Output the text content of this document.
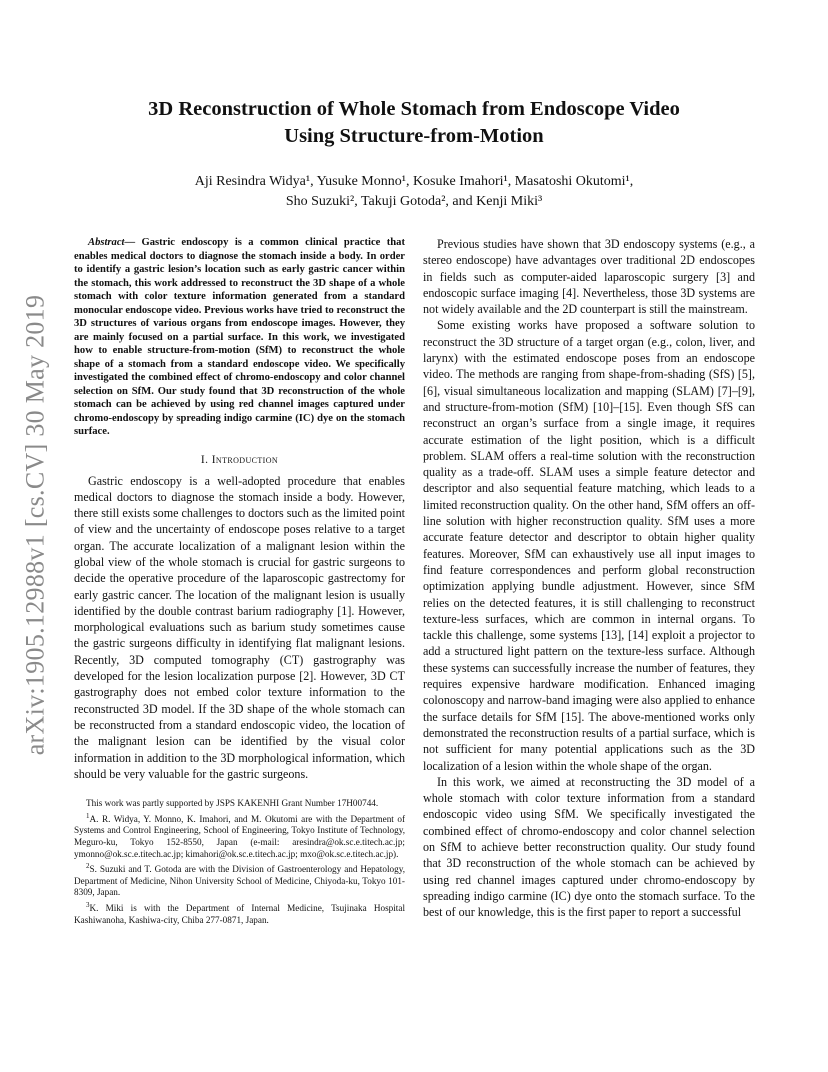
arXiv:1905.12988v1 [cs.CV] 30 May 2019
3D Reconstruction of Whole Stomach from Endoscope Video
Using Structure-from-Motion
Aji Resindra Widya¹, Yusuke Monno¹, Kosuke Imahori¹, Masatoshi Okutomi¹,
Sho Suzuki², Takuji Gotoda², and Kenji Miki³

Abstract— Gastric endoscopy is a common clinical practice that enables medical doctors to diagnose the stomach inside a body. In order to identify a gastric lesion’s location such as early gastric cancer within the stomach, this work addressed to reconstruct the 3D shape of a whole stomach with color texture information generated from a standard monocular endoscope video. Previous works have tried to reconstruct the 3D structures of various organs from endoscope images. However, they are mainly focused on a partial surface. In this work, we investigated how to enable structure-from-motion (SfM) to reconstruct the whole shape of a stomach from a standard endoscope video. We specifically investigated the combined effect of chromo-endoscopy and color channel selection on SfM. Our study found that 3D reconstruction of the whole stomach can be achieved by using red channel images captured under chromo-endoscopy by spreading indigo carmine (IC) dye on the stomach surface.

I. Introduction

Gastric endoscopy is a well-adopted procedure that enables medical doctors to diagnose the stomach inside a body. However, there still exists some challenges to doctors such as the limited point of view and the uncertainty of endoscope poses relative to a target organ. The accurate localization of a malignant lesion within the global view of the whole stomach is crucial for gastric surgeons to decide the operative procedure of the laparoscopic gastrectomy for early gastric cancer. The location of the malignant lesion is usually identified by the double contrast barium radiography [1]. However, morphological evaluations such as barium study sometimes cause the gastric surgeons difficulty in identifying flat malignant lesions. Recently, 3D computed tomography (CT) gastrography was developed for the lesion localization purpose [2]. However, 3D CT gastrography does not embed color texture information to the reconstructed 3D model. If the 3D shape of the whole stomach can be reconstructed from a standard endoscopic video, the location of the malignant lesion can be identified by the visual color information in addition to the 3D morphological information, which should be very valuable for the gastric surgeons.

This work was partly supported by JSPS KAKENHI Grant Number 17H00744.

$^1$A. R. Widya, Y. Monno, K. Imahori, and M. Okutomi are with the Department of Systems and Control Engineering, School of Engineering, Tokyo Institute of Technology, Meguro-ku, Tokyo 152-8550, Japan (e-mail: aresindra@ok.sc.e.titech.ac.jp; ymonno@ok.sc.e.titech.ac.jp; kimahori@ok.sc.e.titech.ac.jp; mxo@ok.sc.e.titech.ac.jp).

$^2$S. Suzuki and T. Gotoda are with the Division of Gastroenterology and Hepatology, Department of Medicine, Nihon University School of Medicine, Chiyoda-ku, Tokyo 101-8309, Japan.

$^3$K. Miki is with the Department of Internal Medicine, Tsujinaka Hospital Kashiwanoha, Kashiwa-city, Chiba 277-0871, Japan.

Previous studies have shown that 3D endoscopy systems (e.g., a stereo endoscope) have advantages over traditional 2D endoscopes in fields such as computer-aided laparoscopic surgery [3] and endoscopic surface imaging [4]. Nevertheless, those 3D systems are not widely available and the 2D counterpart is still the mainstream.

Some existing works have proposed a software solution to reconstruct the 3D structure of a target organ (e.g., colon, liver, and larynx) with the estimated endoscope poses from an endoscope video. The methods are ranging from shape-from-shading (SfS) [5], [6], visual simultaneous localization and mapping (SLAM) [7]–[9], and structure-from-motion (SfM) [10]–[15]. Even though SfS can reconstruct an organ’s surface from a single image, it requires accurate estimation of the light position, which is a difficult problem. SLAM offers a real-time solution with the reconstruction quality as a trade-off. SLAM uses a simple feature detector and descriptor and also sequential feature matching, which leads to a limited reconstruction quality. On the other hand, SfM offers an off-line solution with higher reconstruction quality. SfM uses a more accurate feature detector and descriptor to obtain higher quality features. Moreover, SfM can exhaustively use all input images to find feature correspondences and perform global reconstruction optimization applying bundle adjustment. However, since SfM relies on the detected features, it is still challenging to reconstruct texture-less surfaces, which are common in internal organs. To tackle this challenge, some systems [13], [14] exploit a projector to add a structured light pattern on the texture-less surface. Although these systems can successfully increase the number of features, they requires expensive hardware modification. Enhanced imaging colonoscopy and narrow-band imaging were also applied to enhance the surface details for SfM [15]. The above-mentioned works only demonstrated the reconstruction results of a partial surface, which is not sufficient for many potential applications such as the 3D localization of a lesion within the whole shape of the organ.

In this work, we aimed at reconstructing the 3D model of a whole stomach with color texture information from a standard endoscopic video using SfM. We specifically investigated the combined effect of chromo-endoscopy and color channel selection on SfM to achieve better reconstruction quality. Our study found that 3D reconstruction of the whole stomach can be achieved by using red channel images captured under chromo-endoscopy by spreading indigo carmine (IC) dye onto the stomach surface. To the best of our knowledge, this is the first paper to report a successful
